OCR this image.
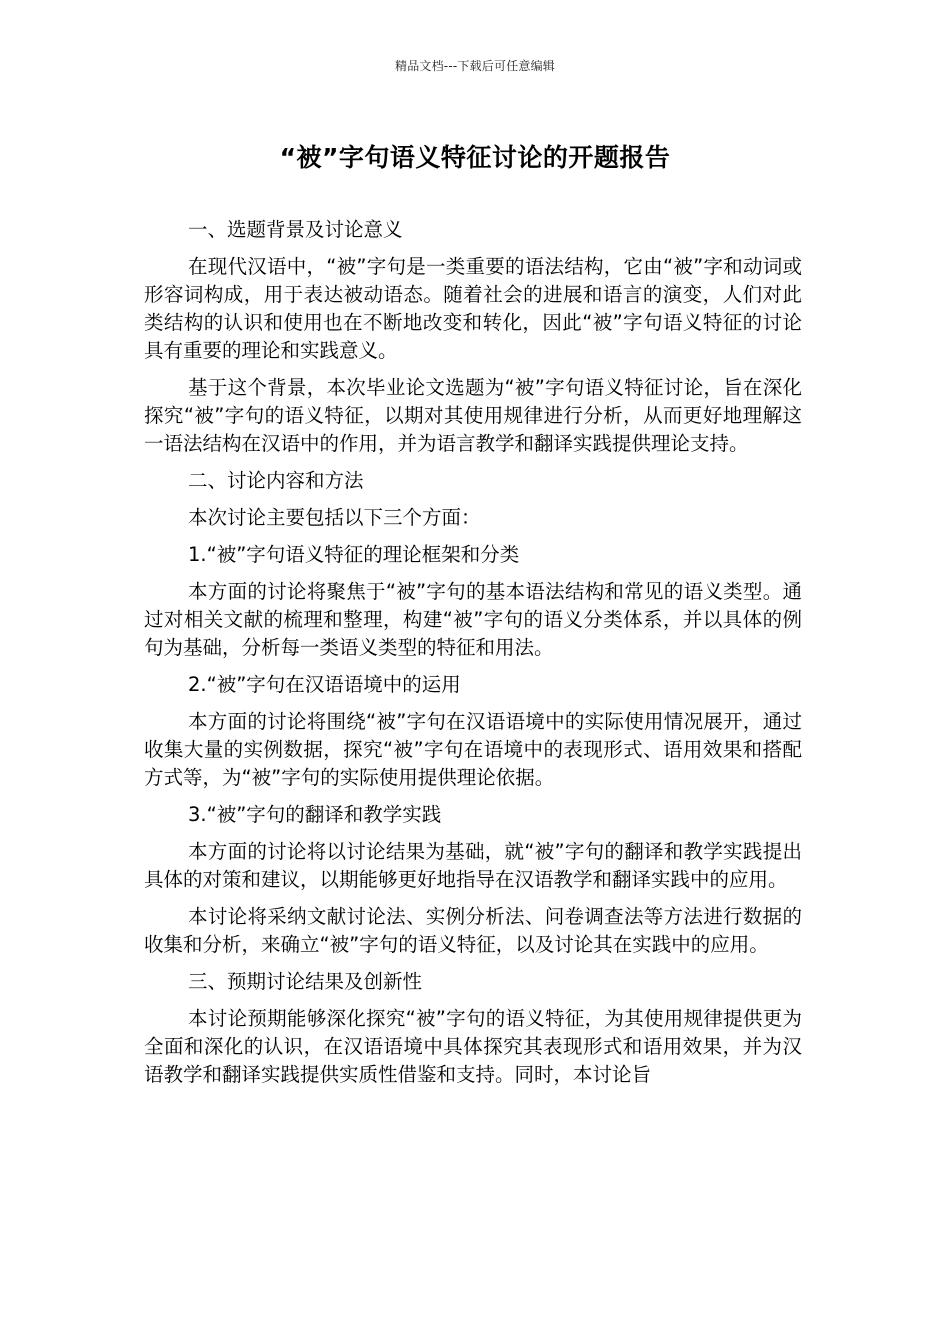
精品文档---下载后可任意编辑
“被”字句语义特征讨论的开题报告

一、选题背景及讨论意义

在现代汉语中，“被”字句是一类重要的语法结构，它由“被”字和动词或形容词构成，用于表达被动语态。随着社会的进展和语言的演变，人们对此类结构的认识和使用也在不断地改变和转化，因此“被”字句语义特征的讨论具有重要的理论和实践意义。

基于这个背景，本次毕业论文选题为“被”字句语义特征讨论，旨在深化探究“被”字句的语义特征，以期对其使用规律进行分析，从而更好地理解这一语法结构在汉语中的作用，并为语言教学和翻译实践提供理论支持。

二、讨论内容和方法

本次讨论主要包括以下三个方面：

1.“被”字句语义特征的理论框架和分类

本方面的讨论将聚焦于“被”字句的基本语法结构和常见的语义类型。通过对相关文献的梳理和整理，构建“被”字句的语义分类体系，并以具体的例句为基础，分析每一类语义类型的特征和用法。

2.“被”字句在汉语语境中的运用

本方面的讨论将围绕“被”字句在汉语语境中的实际使用情况展开，通过收集大量的实例数据，探究“被”字句在语境中的表现形式、语用效果和搭配方式等，为“被”字句的实际使用提供理论依据。

3.“被”字句的翻译和教学实践

本方面的讨论将以讨论结果为基础，就“被”字句的翻译和教学实践提出具体的对策和建议，以期能够更好地指导在汉语教学和翻译实践中的应用。

本讨论将采纳文献讨论法、实例分析法、问卷调查法等方法进行数据的收集和分析，来确立“被”字句的语义特征，以及讨论其在实践中的应用。

三、预期讨论结果及创新性

本讨论预期能够深化探究“被”字句的语义特征，为其使用规律提供更为全面和深化的认识，在汉语语境中具体探究其表现形式和语用效果，并为汉语教学和翻译实践提供实质性借鉴和支持。同时，本讨论旨
